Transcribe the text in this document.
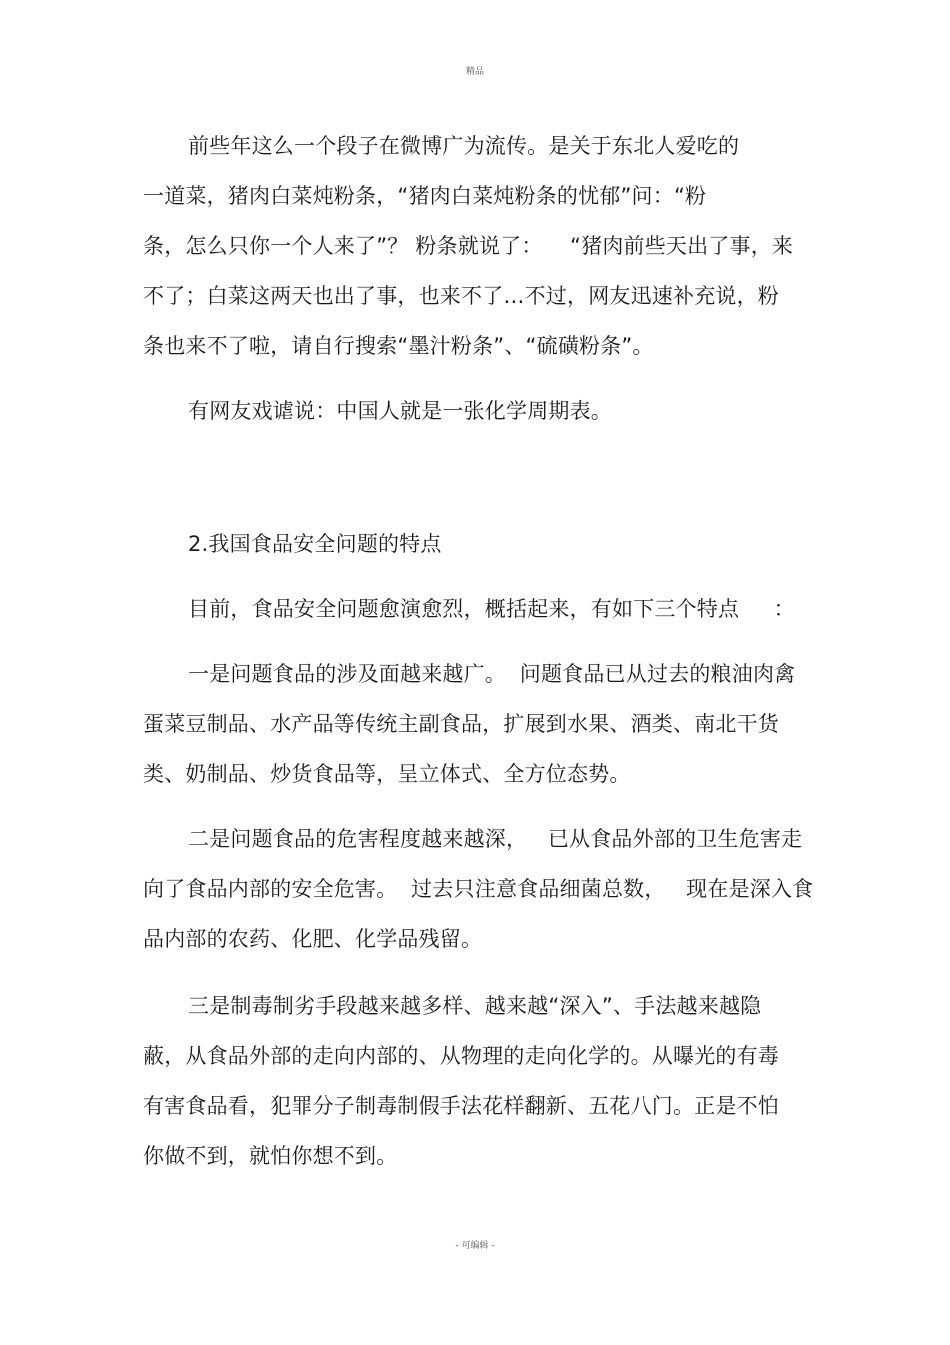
精品
前些年这么一个段子在微博广为流传。是关于东北人爱吃的
一道菜，猪肉白菜炖粉条，“猪肉白菜炖粉条的忧郁”问：“粉
条，怎么只你一个人来了”？ 粉条就说了：    “猪肉前些天出了事，来
不了；白菜这两天也出了事，也来不了…不过，网友迅速补充说，粉
条也来不了啦，请自行搜索“墨汁粉条”、“硫磺粉条”。
有网友戏谑说：中国人就是一张化学周期表。
2.我国食品安全问题的特点
目前，食品安全问题愈演愈烈，概括起来，有如下三个特点     ：
一是问题食品的涉及面越来越广。  问题食品已从过去的粮油肉禽
蛋菜豆制品、水产品等传统主副食品，扩展到水果、酒类、南北干货
类、奶制品、炒货食品等，呈立体式、全方位态势。
二是问题食品的危害程度越来越深，   已从食品外部的卫生危害走
向了食品内部的安全危害。  过去只注意食品细菌总数，   现在是深入食
品内部的农药、化肥、化学品残留。
三是制毒制劣手段越来越多样、越来越“深入”、手法越来越隐
蔽，从食品外部的走向内部的、从物理的走向化学的。从曝光的有毒
有害食品看，犯罪分子制毒制假手法花样翻新、五花八门。正是不怕
你做不到，就怕你想不到。
- 可编辑 -
